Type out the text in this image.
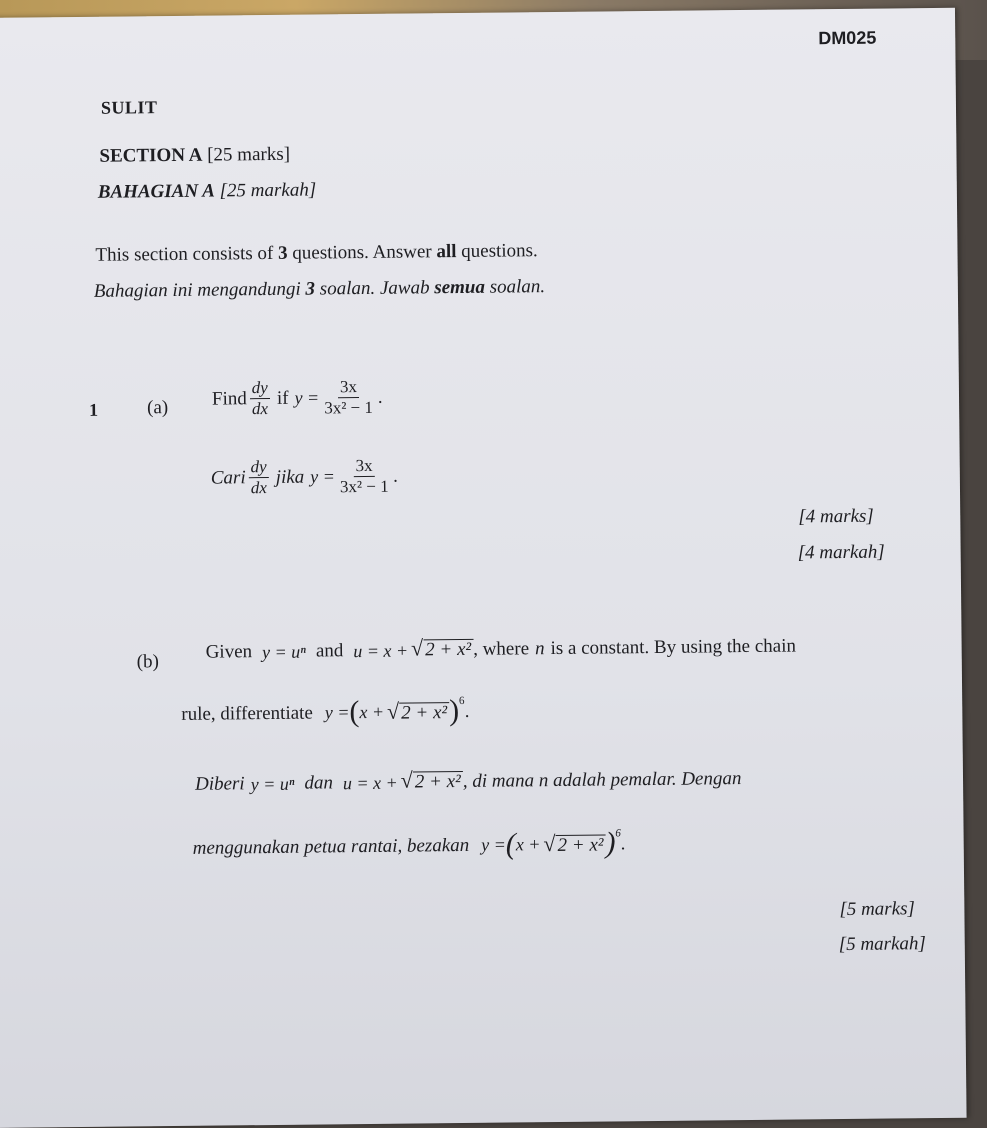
DM025
SULIT
SECTION A [25 marks]
BAHAGIAN A [25 markah]
This section consists of 3 questions. Answer all questions.
Bahagian ini mengandungi 3 soalan. Jawab semua soalan.
1	(a) Find $\frac{dy}{dx}$ if $y = \frac{3x}{\text{3x² − 1}}$ .
Cari $\frac{dy}{dx}$ jika $y = \frac{3x}{\text{3x² − 1}}$ .
[4 marks]
[4 markah]
(b) Given y = uⁿ and u = x + √ 2 + x² , where n is a constant. By using the chain
rule, differentiate y = ( x + √ 2 + x² )$^6$ .
Diberi y = uⁿ dan u = x + √ 2 + x² , di mana n adalah pemalar. Dengan
menggunakan petua rantai, bezakan y = ( x + √ 2 + x² )$^6$ .
[5 marks]
[5 markah]
